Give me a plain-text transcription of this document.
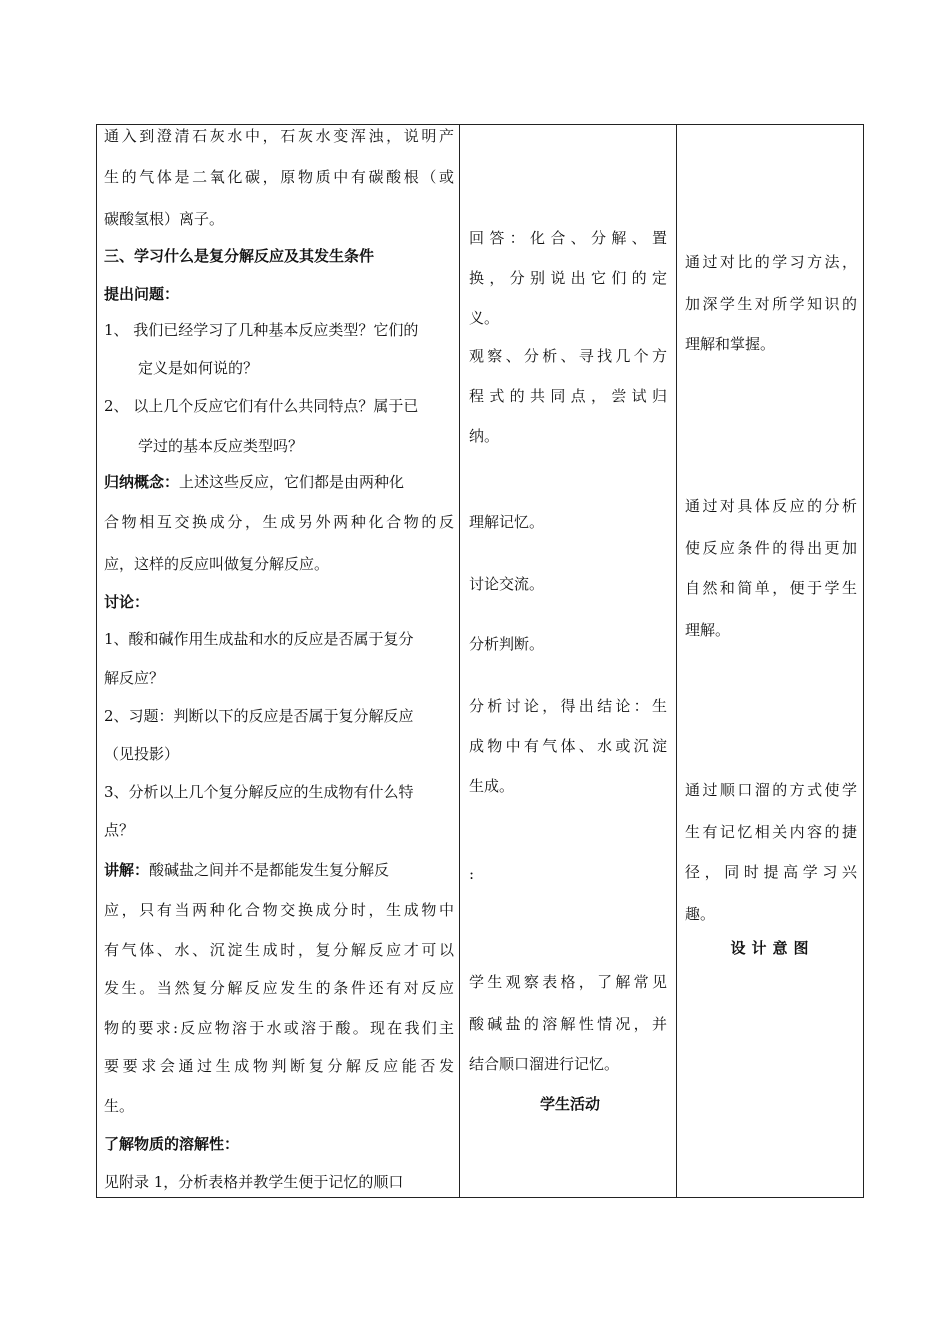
通入到澄清石灰水中，石灰水变浑浊，说明产
生的气体是二氧化碳，原物质中有碳酸根（或
碳酸氢根）离子。
三、学习什么是复分解反应及其发生条件
提出问题：
1、 我们已经学习了几种基本反应类型？它们的
定义是如何说的？
2、 以上几个反应它们有什么共同特点？属于已
学过的基本反应类型吗？
归纳概念：上述这些反应，它们都是由两种化
合物相互交换成分，生成另外两种化合物的反
应，这样的反应叫做复分解反应。
讨论：
1、酸和碱作用生成盐和水的反应是否属于复分
解反应？
2、习题：判断以下的反应是否属于复分解反应
（见投影）
3、分析以上几个复分解反应的生成物有什么特
点？
讲解：酸碱盐之间并不是都能发生复分解反
应，只有当两种化合物交换成分时，生成物中
有气体、水、沉淀生成时，复分解反应才可以
发生。当然复分解反应发生的条件还有对反应
物的要求:反应物溶于水或溶于酸。现在我们主
要要求会通过生成物判断复分解反应能否发
生。
了解物质的溶解性：
见附录 1，分析表格并教学生便于记忆的顺口
回答：化合、分解、置
换，分别说出它们的定
义。
观察、分析、寻找几个方
程式的共同点，尝试归
纳。
理解记忆。
讨论交流。
分析判断。
分析讨论，得出结论：生
成物中有气体、水或沉淀
生成。
:
学生观察表格，了解常见
酸碱盐的溶解性情况，并
结合顺口溜进行记忆。
学生活动
通过对比的学习方法，
加深学生对所学知识的
理解和掌握。
通过对具体反应的分析
使反应条件的得出更加
自然和简单，便于学生
理解。
通过顺口溜的方式使学
生有记忆相关内容的捷
径，同时提高学习兴
趣。
设计意图
